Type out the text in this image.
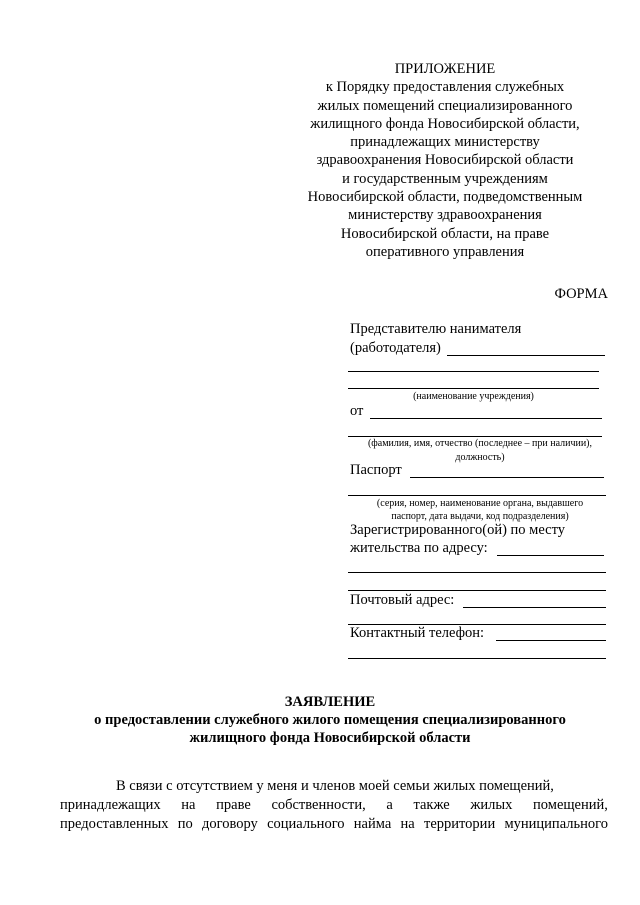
ПРИЛОЖЕНИЕ
к Порядку предоставления служебных
жилых помещений специализированного
жилищного фонда Новосибирской области,
принадлежащих министерству
здравоохранения Новосибирской области
и государственным учреждениям
Новосибирской области, подведомственным
министерству здравоохранения
Новосибирской области, на праве
оперативного управления
ФОРМА
Представителю нанимателя
(работодателя)
(наименование учреждения)
от
(фамилия, имя, отчество (последнее – при наличии),
должность)
Паспорт
(серия, номер, наименование органа, выдавшего
паспорт, дата выдачи, код подразделения)
Зарегистрированного(ой) по месту
жительства по адресу:
Почтовый адрес:
Контактный телефон:
ЗАЯВЛЕНИЕ
о предоставлении служебного жилого помещения специализированного
жилищного фонда Новосибирской области
В связи с отсутствием у меня и членов моей семьи жилых помещений,
принадлежащих на праве собственности, а также жилых помещений,
предоставленных по договору социального найма на территории муниципального
